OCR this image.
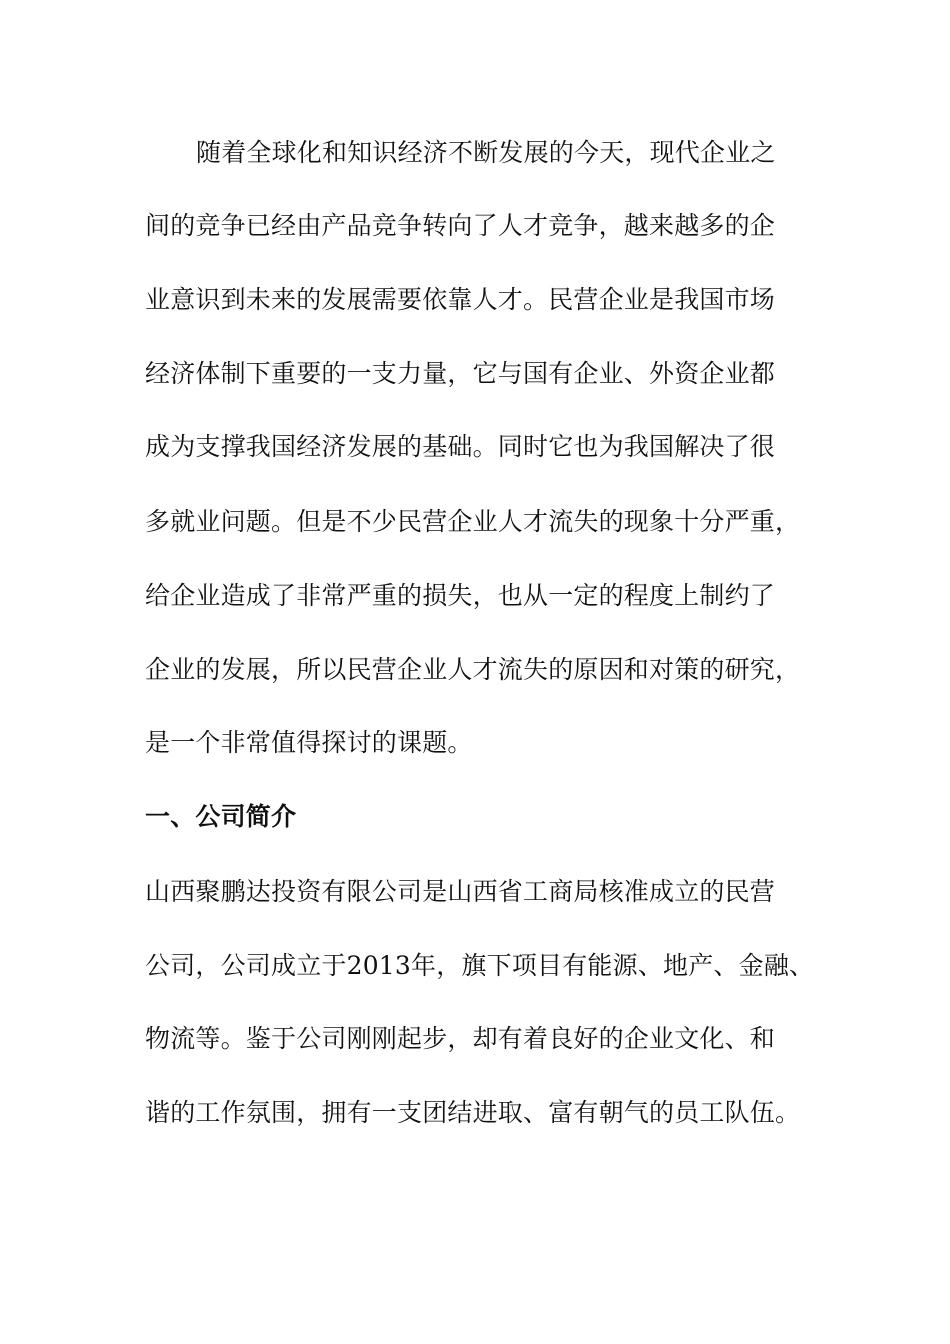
随着全球化和知识经济不断发展的今天，现代企业之
间的竞争已经由产品竞争转向了人才竞争，越来越多的企
业意识到未来的发展需要依靠人才。民营企业是我国市场
经济体制下重要的一支力量，它与国有企业、外资企业都
成为支撑我国经济发展的基础。同时它也为我国解决了很
多就业问题。但是不少民营企业人才流失的现象十分严重，
给企业造成了非常严重的损失，也从一定的程度上制约了
企业的发展，所以民营企业人才流失的原因和对策的研究，
是一个非常值得探讨的课题。
一、公司简介
山西聚鹏达投资有限公司是山西省工商局核准成立的民营
公司，公司成立于2013年，旗下项目有能源、地产、金融、
物流等。鉴于公司刚刚起步，却有着良好的企业文化、和
谐的工作氛围，拥有一支团结进取、富有朝气的员工队伍。
